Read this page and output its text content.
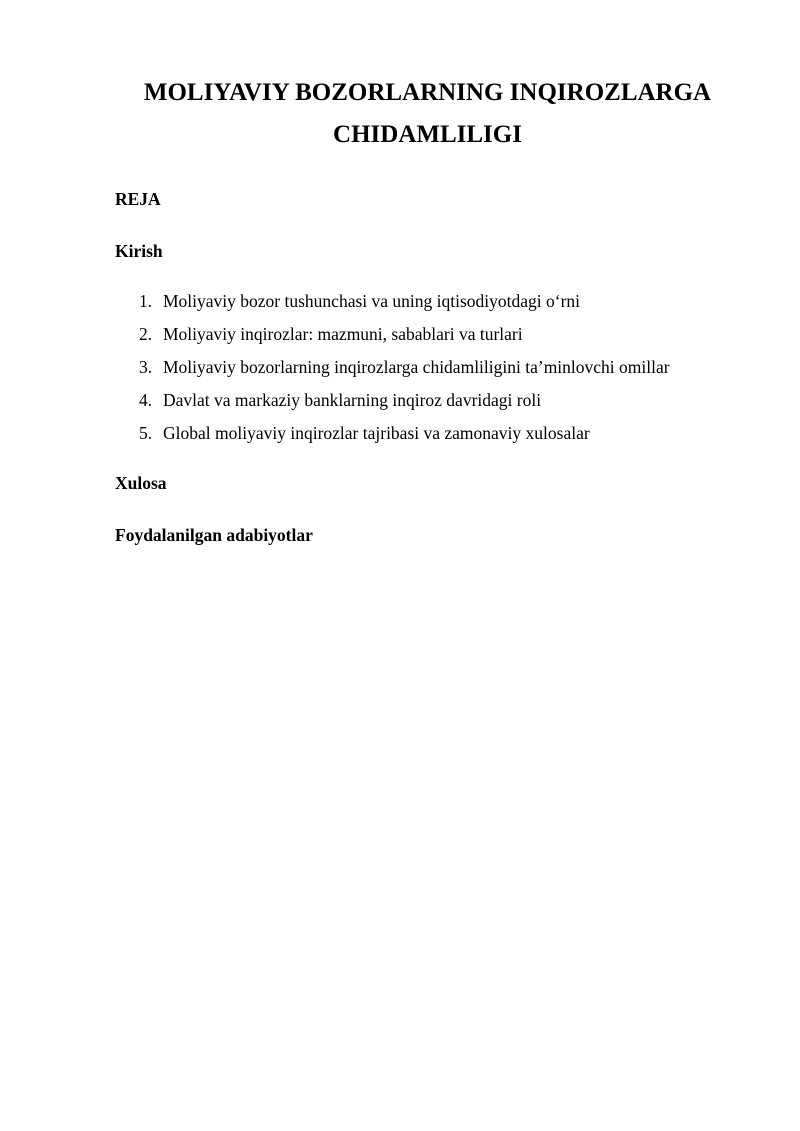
MOLIYAVIY BOZORLARNING INQIROZLARGA CHIDAMLILIGI

REJA

Kirish

1. Moliyaviy bozor tushunchasi va uning iqtisodiyotdagi o‘rni
2. Moliyaviy inqirozlar: mazmuni, sabablari va turlari
3. Moliyaviy bozorlarning inqirozlarga chidamliligini ta’minlovchi omillar
4. Davlat va markaziy banklarning inqiroz davridagi roli
5. Global moliyaviy inqirozlar tajribasi va zamonaviy xulosalar

Xulosa

Foydalanilgan adabiyotlar
